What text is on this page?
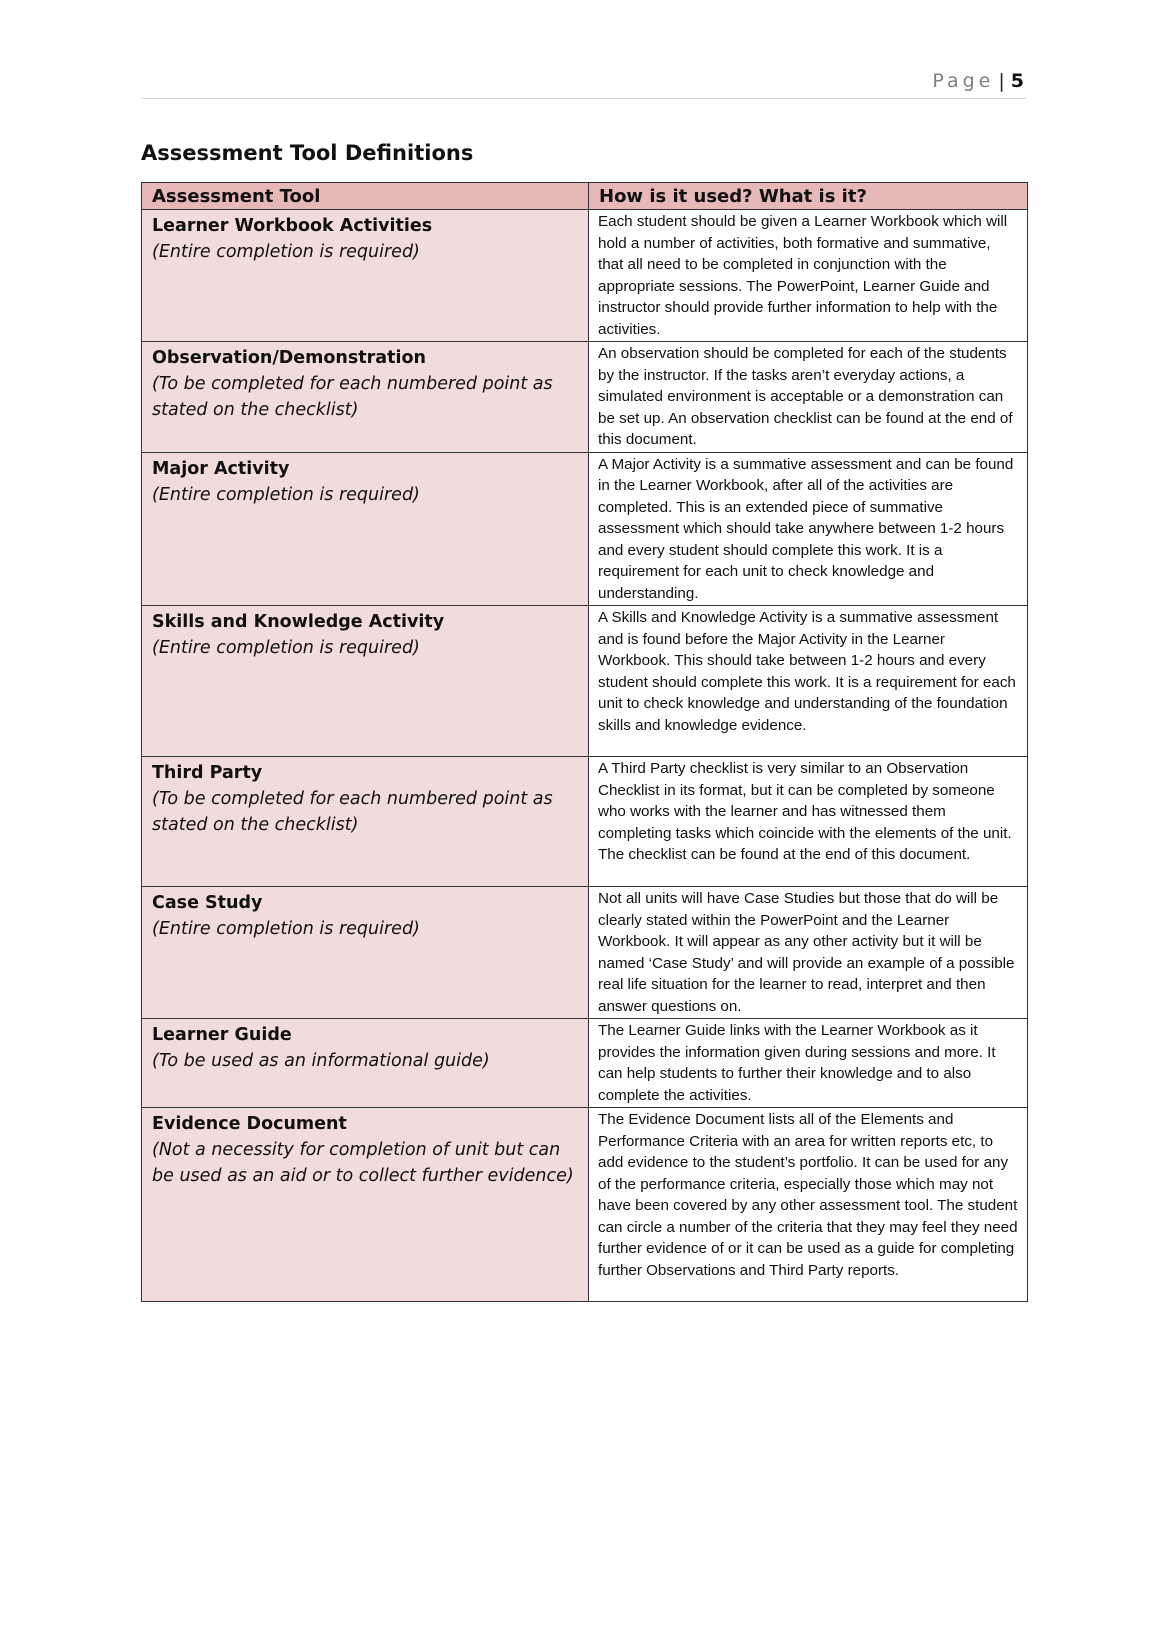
Page | 5
Assessment Tool Definitions
Assessment Tool	How is it used? What is it?

Learner Workbook Activities
(Entire completion is required)	Each student should be given a Learner Workbook which will hold a number of activities, both formative and summative, that all need to be completed in conjunction with the appropriate sessions. The PowerPoint, Learner Guide and instructor should provide further information to help with the activities.

Observation/Demonstration
(To be completed for each numbered point as stated on the checklist)	An observation should be completed for each of the students by the instructor. If the tasks aren’t everyday actions, a simulated environment is acceptable or a demonstration can be set up. An observation checklist can be found at the end of this document.

Major Activity
(Entire completion is required)	A Major Activity is a summative assessment and can be found in the Learner Workbook, after all of the activities are completed. This is an extended piece of summative assessment which should take anywhere between 1-2 hours and every student should complete this work. It is a requirement for each unit to check knowledge and understanding.

Skills and Knowledge Activity
(Entire completion is required)	A Skills and Knowledge Activity is a summative assessment and is found before the Major Activity in the Learner Workbook. This should take between 1-2 hours and every student should complete this work. It is a requirement for each unit to check knowledge and understanding of the foundation skills and knowledge evidence.

Third Party
(To be completed for each numbered point as stated on the checklist)	A Third Party checklist is very similar to an Observation Checklist in its format, but it can be completed by someone who works with the learner and has witnessed them completing tasks which coincide with the elements of the unit. The checklist can be found at the end of this document.

Case Study
(Entire completion is required)	Not all units will have Case Studies but those that do will be clearly stated within the PowerPoint and the Learner Workbook. It will appear as any other activity but it will be named ‘Case Study’ and will provide an example of a possible real life situation for the learner to read, interpret and then answer questions on.

Learner Guide
(To be used as an informational guide)	The Learner Guide links with the Learner Workbook as it provides the information given during sessions and more. It can help students to further their knowledge and to also complete the activities.

Evidence Document
(Not a necessity for completion of unit but can be used as an aid or to collect further evidence)	The Evidence Document lists all of the Elements and Performance Criteria with an area for written reports etc, to add evidence to the student’s portfolio. It can be used for any of the performance criteria, especially those which may not have been covered by any other assessment tool. The student can circle a number of the criteria that they may feel they need further evidence of or it can be used as a guide for completing further Observations and Third Party reports.
